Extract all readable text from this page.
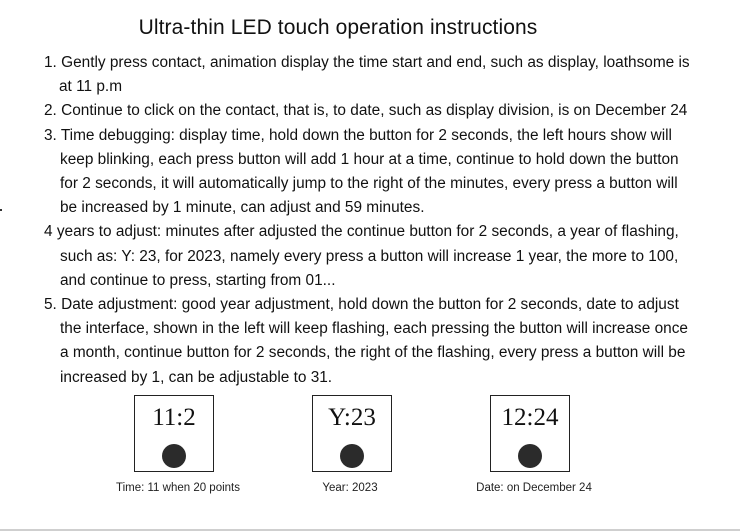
Ultra-thin LED touch operation instructions
1. Gently press contact, animation display the time start and end, such as display, loathsome is
at 11 p.m
2. Continue to click on the contact, that is, to date, such as display division, is on December 24
3. Time debugging: display time, hold down the button for 2 seconds, the left hours show will
keep blinking, each press button will add 1 hour at a time, continue to hold down the button
for 2 seconds, it will automatically jump to the right of the minutes, every press a button will
be increased by 1 minute, can adjust and 59 minutes.
4 years to adjust: minutes after adjusted the continue button for 2 seconds, a year of flashing,
such as: Y: 23, for 2023, namely every press a button will increase 1 year, the more to 100,
and continue to press, starting from 01...
5. Date adjustment: good year adjustment, hold down the button for 2 seconds, date to adjust
the interface, shown in the left will keep flashing, each pressing the button will increase once
a month, continue button for 2 seconds, the right of the flashing, every press a button will be
increased by 1, can be adjustable to 31.
11:2
Time: 11 when 20 points
Y:23
Year: 2023
12:24
Date: on December 24
